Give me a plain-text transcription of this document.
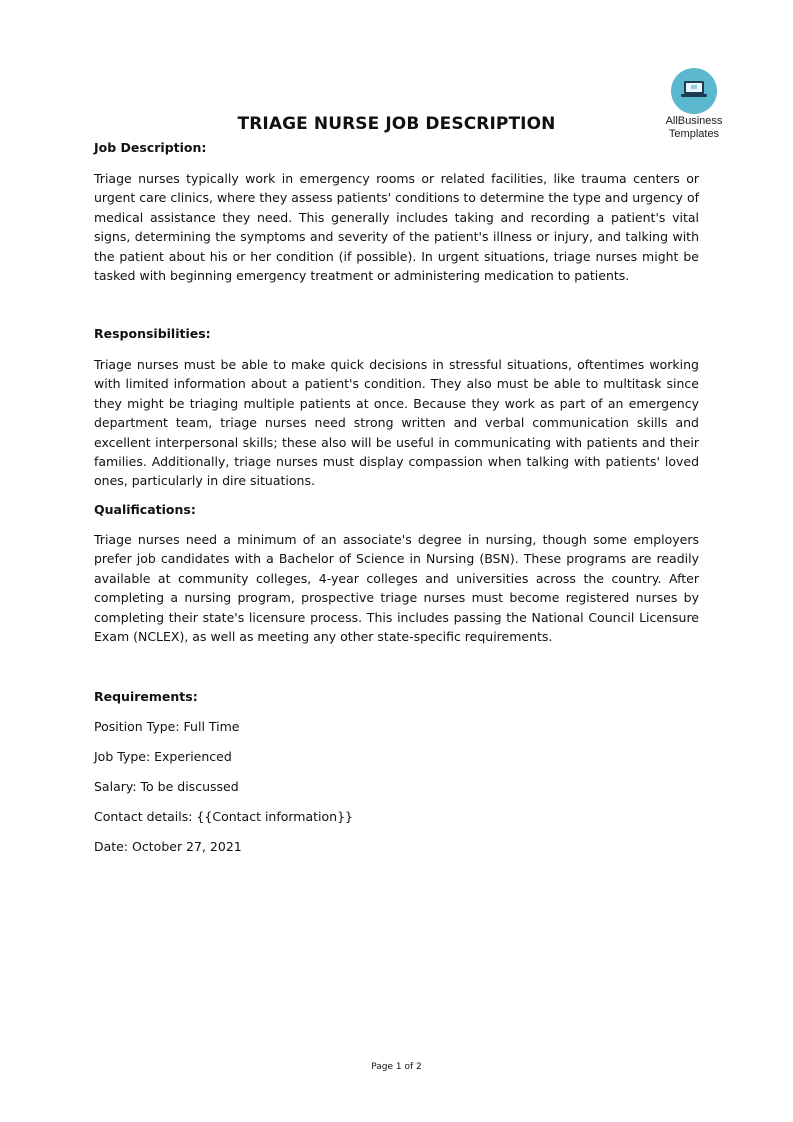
AllBusiness
Templates
TRIAGE NURSE JOB DESCRIPTION
Job Description:
Triage nurses typically work in emergency rooms or related facilities, like trauma centers or urgent care clinics, where they assess patients' conditions to determine the type and urgency of medical assistance they need. This generally includes taking and recording a patient's vital signs, determining the symptoms and severity of the patient's illness or injury, and talking with the patient about his or her condition (if possible). In urgent situations, triage nurses might be tasked with beginning emergency treatment or administering medication to patients.
Responsibilities:
Triage nurses must be able to make quick decisions in stressful situations, oftentimes working with limited information about a patient's condition. They also must be able to multitask since they might be triaging multiple patients at once. Because they work as part of an emergency department team, triage nurses need strong written and verbal communication skills and excellent interpersonal skills; these also will be useful in communicating with patients and their families. Additionally, triage nurses must display compassion when talking with patients' loved ones, particularly in dire situations.
Qualifications:
Triage nurses need a minimum of an associate's degree in nursing, though some employers prefer job candidates with a Bachelor of Science in Nursing (BSN). These programs are readily available at community colleges, 4-year colleges and universities across the country. After completing a nursing program, prospective triage nurses must become registered nurses by completing their state's licensure process. This includes passing the National Council Licensure Exam (NCLEX), as well as meeting any other state-specific requirements.
Requirements:
Position Type: Full Time
Job Type: Experienced
Salary: To be discussed
Contact details: {{Contact information}}
Date: October 27, 2021
Page 1 of 2
